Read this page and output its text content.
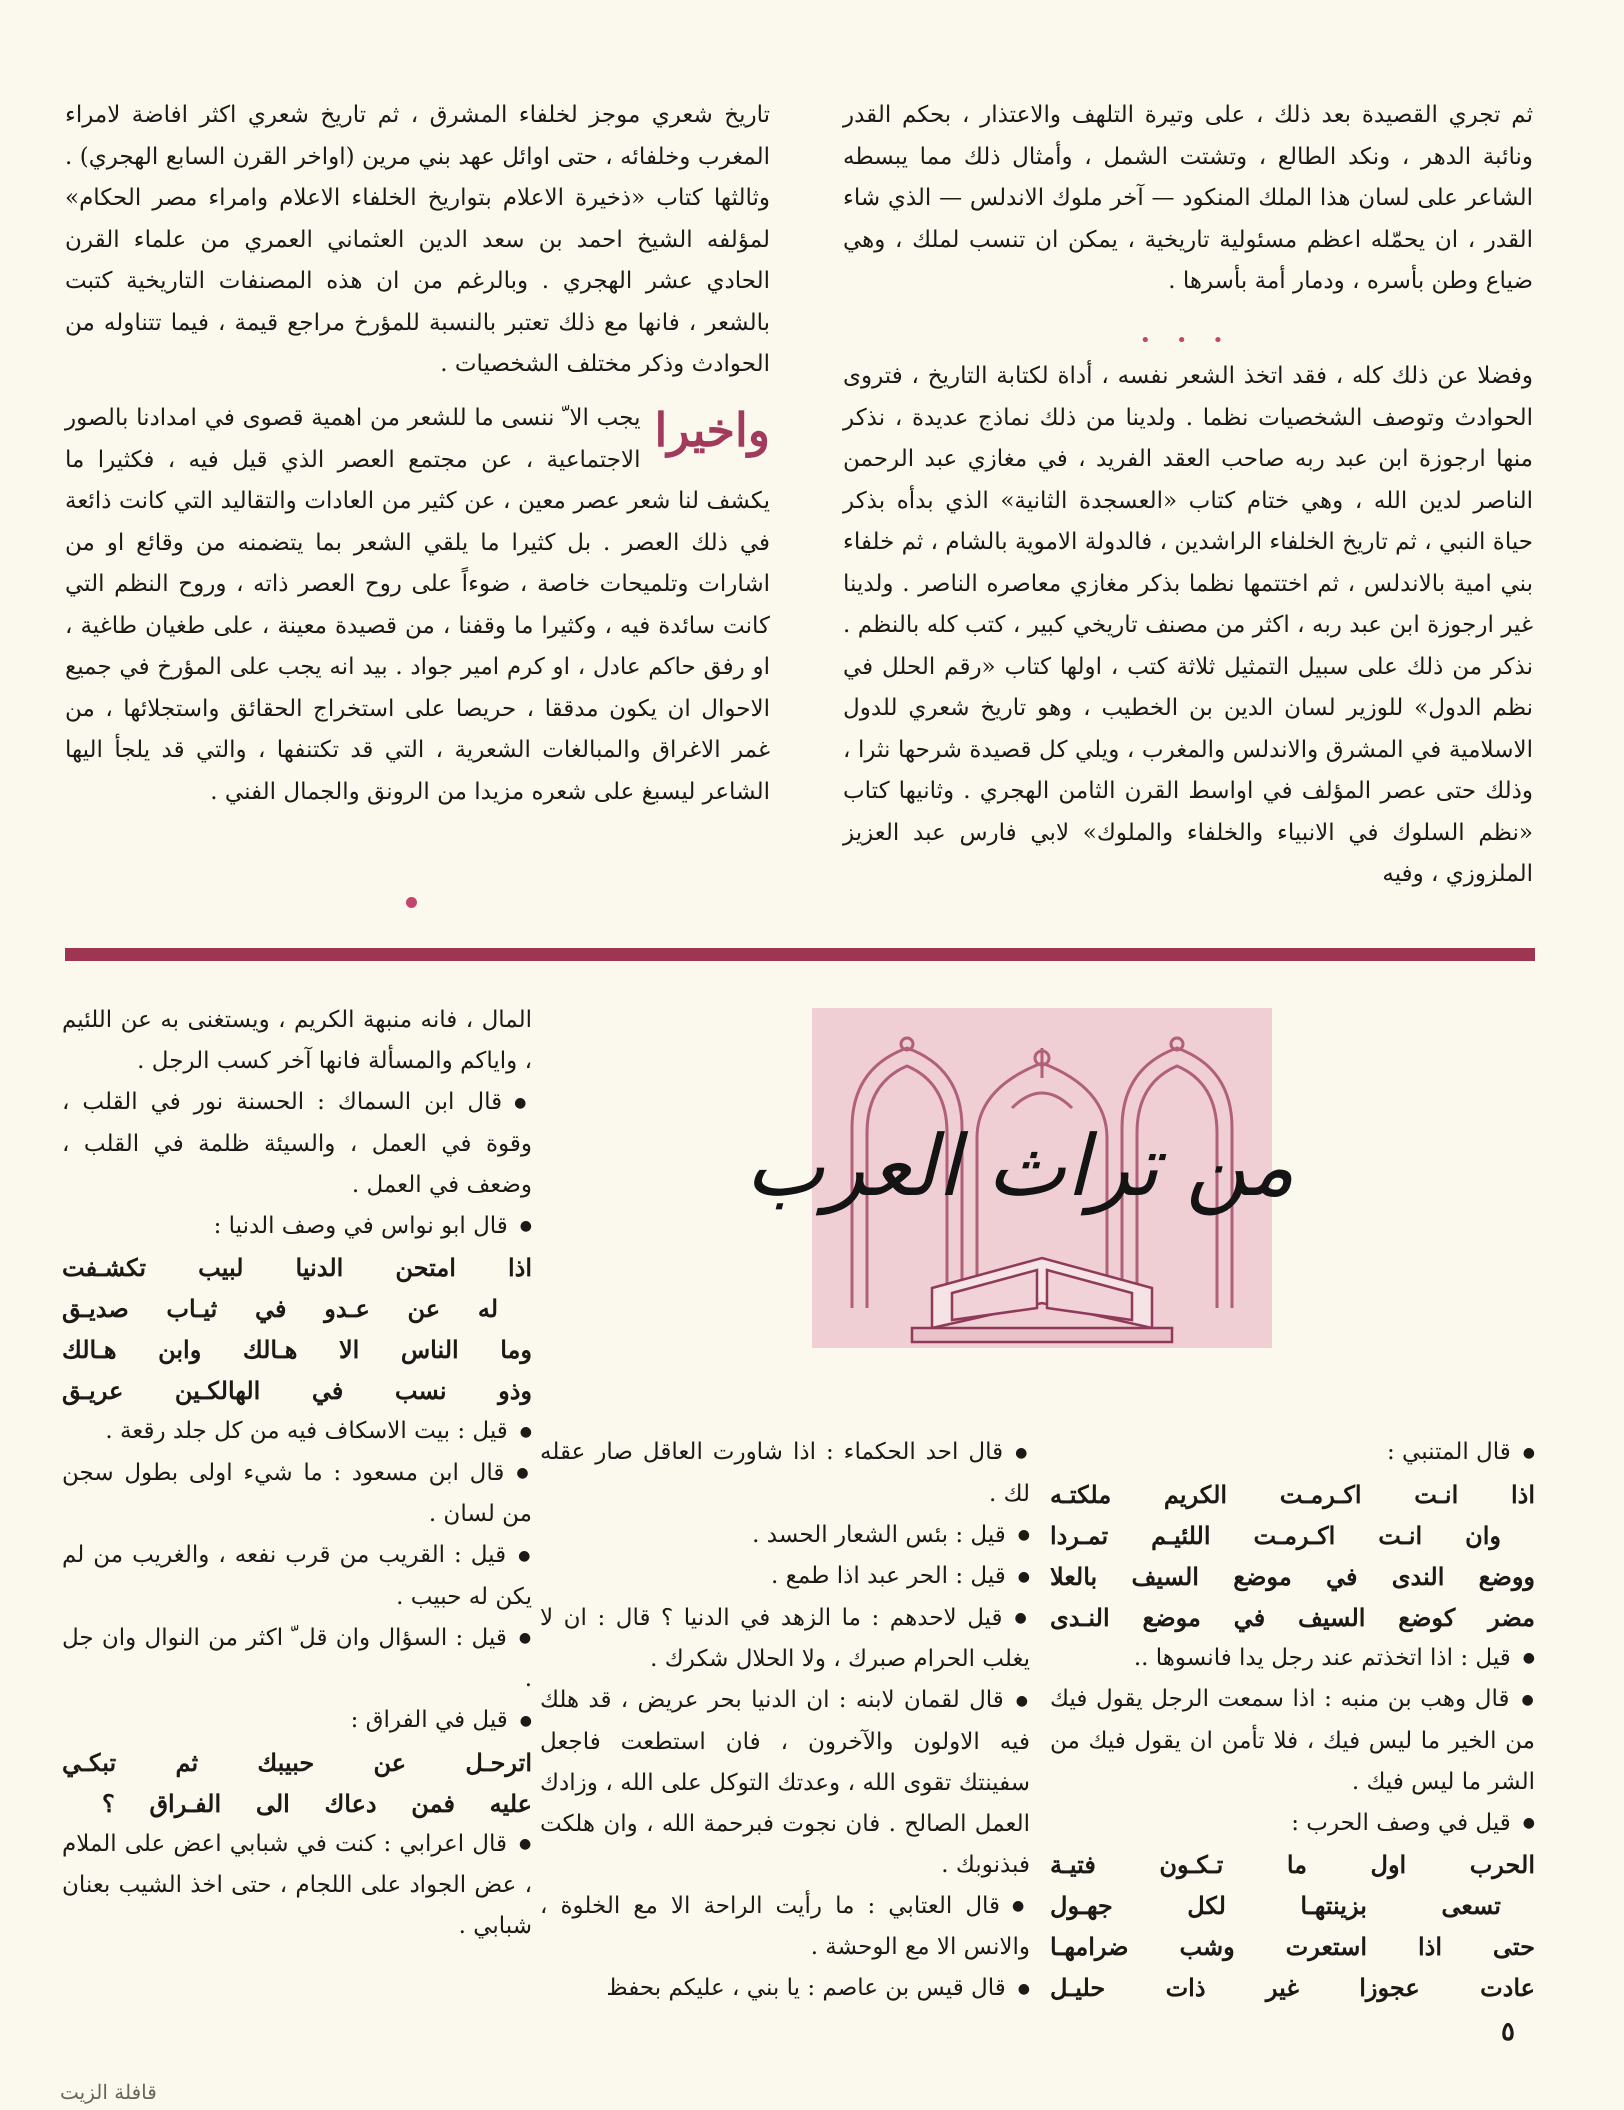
ثم تجري القصيدة بعد ذلك ، على وتيرة التلهف والاعتذار ، بحكم القدر ونائبة الدهر ، ونكد الطالع ، وتشتت الشمل ، وأمثال ذلك مما يبسطه الشاعر على لسان هذا الملك المنكود — آخر ملوك الاندلس — الذي شاء القدر ، ان يحمّله اعظم مسئولية تاريخية ، يمكن ان تنسب لملك ، وهي ضياع وطن بأسره ، ودمار أمة بأسرها .

• • •

وفضلا عن ذلك كله ، فقد اتخذ الشعر نفسه ، أداة لكتابة التاريخ ، فتروى الحوادث وتوصف الشخصيات نظما . ولدينا من ذلك نماذج عديدة ، نذكر منها ارجوزة ابن عبد ربه صاحب العقد الفريد ، في مغازي عبد الرحمن الناصر لدين الله ، وهي ختام كتاب «العسجدة الثانية» الذي بدأه بذكر حياة النبي ، ثم تاريخ الخلفاء الراشدين ، فالدولة الاموية بالشام ، ثم خلفاء بني امية بالاندلس ، ثم اختتمها نظما بذكر مغازي معاصره الناصر . ولدينا غير ارجوزة ابن عبد ربه ، اكثر من مصنف تاريخي كبير ، كتب كله بالنظم . نذكر من ذلك على سبيل التمثيل ثلاثة كتب ، اولها كتاب «رقم الحلل في نظم الدول» للوزير لسان الدين بن الخطيب ، وهو تاريخ شعري للدول الاسلامية في المشرق والاندلس والمغرب ، ويلي كل قصيدة شرحها نثرا ، وذلك حتى عصر المؤلف في اواسط القرن الثامن الهجري . وثانيها كتاب «نظم السلوك في الانبياء والخلفاء والملوك» لابي فارس عبد العزيز الملزوزي ، وفيه

تاريخ شعري موجز لخلفاء المشرق ، ثم تاريخ شعري اكثر افاضة لامراء المغرب وخلفائه ، حتى اوائل عهد بني مرين (اواخر القرن السابع الهجري) . وثالثها كتاب «ذخيرة الاعلام بتواريخ الخلفاء الاعلام وامراء مصر الحكام» لمؤلفه الشيخ احمد بن سعد الدين العثماني العمري من علماء القرن الحادي عشر الهجري . وبالرغم من ان هذه المصنفات التاريخية كتبت بالشعر ، فانها مع ذلك تعتبر بالنسبة للمؤرخ مراجع قيمة ، فيما تتناوله من الحوادث وذكر مختلف الشخصيات .

واخيرا

يجب الا ّ ننسى ما للشعر من اهمية قصوى في امدادنا بالصور الاجتماعية ، عن مجتمع العصر الذي قيل فيه ، فكثيرا ما يكشف لنا شعر عصر معين ، عن كثير من العادات والتقاليد التي كانت ذائعة في ذلك العصر . بل كثيرا ما يلقي الشعر بما يتضمنه من وقائع او من اشارات وتلميحات خاصة ، ضوءاً على روح العصر ذاته ، وروح النظم التي كانت سائدة فيه ، وكثيرا ما وقفنا ، من قصيدة معينة ، على طغيان طاغية ، او رفق حاكم عادل ، او كرم امير جواد . بيد انه يجب على المؤرخ في جميع الاحوال ان يكون مدققا ، حريصا على استخراج الحقائق واستجلائها ، من غمر الاغراق والمبالغات الشعرية ، التي قد تكتنفها ، والتي قد يلجأ اليها الشاعر ليسبغ على شعره مزيدا من الرونق والجمال الفني .

من تراث العرب

●قال المتنبي :

اذا انـت اكـرمـت الكريم ملكتـه

وان انـت اكـرمـت اللئيـم تمـردا

ووضع الندى في موضع السيف بالعلا

مضر كوضع السيف في موضع النـدى

●قيل : اذا اتخذتم عند رجل يدا فانسوها ..

●قال وهب بن منبه : اذا سمعت الرجل يقول فيك من الخير ما ليس فيك ، فلا تأمن ان يقول فيك من الشر ما ليس فيك .

●قيل في وصف الحرب :

الحرب اول ما تـكـون فتيـة

تسعى بزينتهـا لكل جهـول

حتى اذا استعرت وشب ضرامهـا

عادت عجوزا غير ذات حليـل

●قال احد الحكماء : اذا شاورت العاقل صار عقله لك .

●قيل : بئس الشعار الحسد .

●قيل : الحر عبد اذا طمع .

●قيل لاحدهم : ما الزهد في الدنيا ؟ قال : ان لا يغلب الحرام صبرك ، ولا الحلال شكرك .

●قال لقمان لابنه : ان الدنيا بحر عريض ، قد هلك فيه الاولون والآخرون ، فان استطعت فاجعل سفينتك تقوى الله ، وعدتك التوكل على الله ، وزادك العمل الصالح . فان نجوت فبرحمة الله ، وان هلكت فبذنوبك .

●قال العتابي : ما رأيت الراحة الا مع الخلوة ، والانس الا مع الوحشة .

●قال قيس بن عاصم : يا بني ، عليكم بحفظ

المال ، فانه منبهة الكريم ، ويستغنى به عن اللئيم ، واياكم والمسألة فانها آخر كسب الرجل .

●قال ابن السماك : الحسنة نور في القلب ، وقوة في العمل ، والسيئة ظلمة في القلب ، وضعف في العمل .

●قال ابو نواس في وصف الدنيا :

اذا امتحن الدنيا لبيب تكشـفت

له عن عـدو في ثيـاب صديـق

وما الناس الا هـالك وابن هـالك

وذو نسب في الهالكـين عريـق

●قيل : بيت الاسكاف فيه من كل جلد رقعة .

●قال ابن مسعود : ما شيء اولى بطول سجن من لسان .

●قيل : القريب من قرب نفعه ، والغريب من لم يكن له حبيب .

●قيل : السؤال وان قل ّ اكثر من النوال وان جل .

●قيل في الفراق :

اترحـل عن حبيبك ثم تبكـي

عليه فمن دعاك الى الفـراق ؟

●قال اعرابي : كنت في شبابي اعض على الملام ، عض الجواد على اللجام ، حتى اخذ الشيب بعنان شبابي .

٥
قافلة الزيت
